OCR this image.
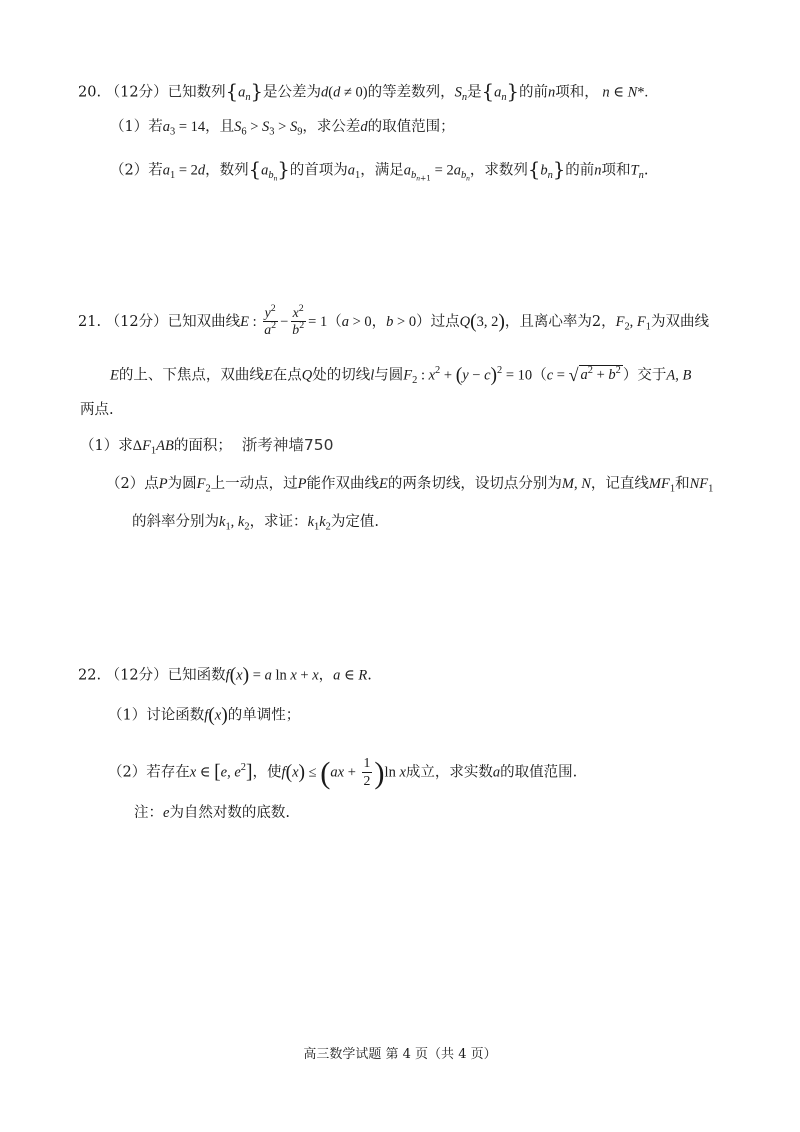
20. （12分）已知数列$\{a_n\}$是公差为d(d ≠ 0)的等差数列，$S_n$是$\{a_n\}$的前n项和， n ∈ N*.
（1）若$a_3 = 14$，且$S_6 > S_3 > S_9$，求公差d的取值范围；
（2）若$a_1 = 2d$，数列$\{a_{b_n}\}$的首项为$a_1$，满足$a_{b_{n+1}} = 2a_{b_n}$，求数列$\{b_n\}$的前n项和$T_n$.
21. （12分）已知双曲线E : $\frac{y^2}{a^2} - \frac{x^2}{b^2} = 1(a > 0$，b > 0）过点Q(3, 2)，且离心率为2，$F_2$, $F_1$为双曲线
E的上、下焦点，双曲线E在点Q处的切线l与圆$F_2$ : $x^2 + (y - c)^2 = 10(c$ = √ $a^2 + b^2$ ）交于A, B
两点.
（1）求$\Delta F_1AB$的面积； 浙考神墙750
（2）点P为圆$F_2$上一动点，过P能作双曲线E的两条切线，设切点分别为M, N，记直线$MF_1$和$NF_1$
的斜率分别为$k_1$, $k_2$，求证：$k_1k_2$为定值.
22. （12分）已知函数f(x) = a ln x + x，a ∈ R.
（1）讨论函数f(x)的单调性；
（2）若存在x ∈ [e, $e^2$]，使$f(x) \le (ax + \frac{1}{2} )\ln$ x成立，求实数a的取值范围.
注：e为自然对数的底数.
高三数学试题 第 4 页（共 4 页）
